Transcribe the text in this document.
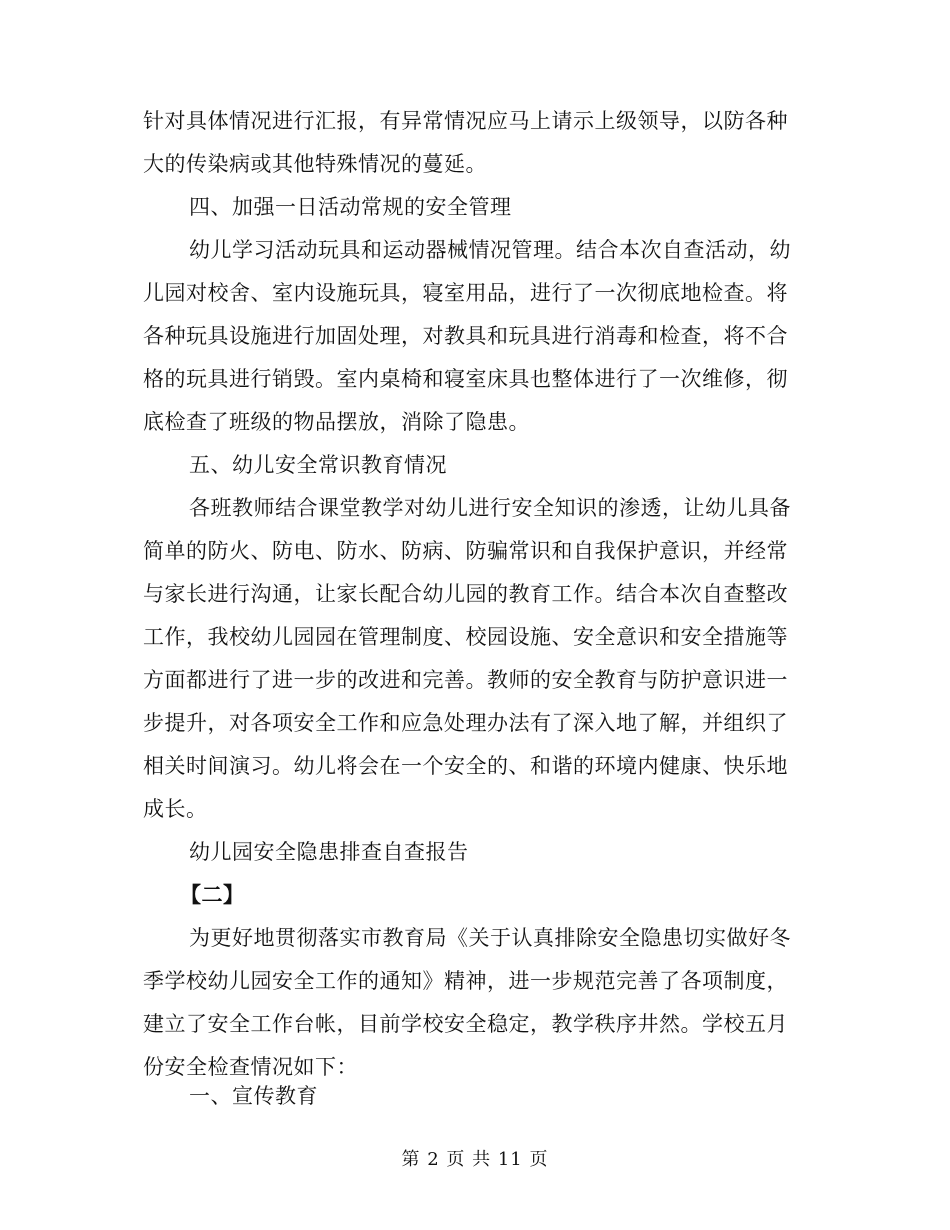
针对具体情况进行汇报，有异常情况应马上请示上级领导，以防各种
大的传染病或其他特殊情况的蔓延。
四、加强一日活动常规的安全管理
幼儿学习活动玩具和运动器械情况管理。结合本次自查活动，幼
儿园对校舍、室内设施玩具，寝室用品，进行了一次彻底地检查。将
各种玩具设施进行加固处理，对教具和玩具进行消毒和检查，将不合
格的玩具进行销毁。室内桌椅和寝室床具也整体进行了一次维修，彻
底检查了班级的物品摆放，消除了隐患。
五、幼儿安全常识教育情况
各班教师结合课堂教学对幼儿进行安全知识的渗透，让幼儿具备
简单的防火、防电、防水、防病、防骗常识和自我保护意识，并经常
与家长进行沟通，让家长配合幼儿园的教育工作。结合本次自查整改
工作，我校幼儿园园在管理制度、校园设施、安全意识和安全措施等
方面都进行了进一步的改进和完善。教师的安全教育与防护意识进一
步提升，对各项安全工作和应急处理办法有了深入地了解，并组织了
相关时间演习。幼儿将会在一个安全的、和谐的环境内健康、快乐地
成长。
幼儿园安全隐患排查自查报告
【二】
为更好地贯彻落实市教育局《关于认真排除安全隐患切实做好冬
季学校幼儿园安全工作的通知》精神，进一步规范完善了各项制度，
建立了安全工作台帐，目前学校安全稳定，教学秩序井然。学校五月
份安全检查情况如下：
一、宣传教育
第 2 页 共 11 页
